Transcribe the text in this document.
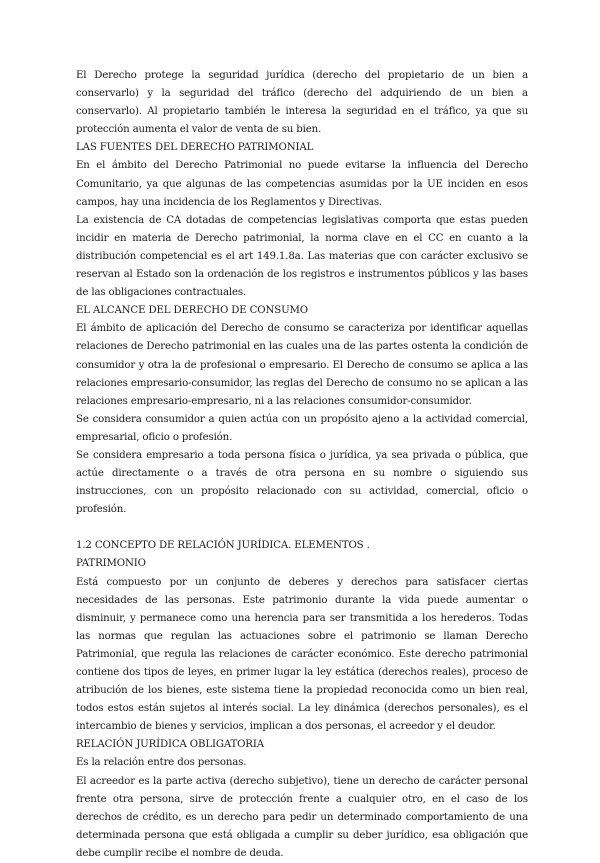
El Derecho protege la seguridad jurídica (derecho del propietario de un bien a conservarlo) y la seguridad del tráfico (derecho del adquiriendo de un bien a conservarlo). Al propietario también le interesa la seguridad en el tráfico, ya que su protección aumenta el valor de venta de su bien.

LAS FUENTES DEL DERECHO PATRIMONIAL

En el ámbito del Derecho Patrimonial no puede evitarse la influencia del Derecho Comunitario, ya que algunas de las competencias asumidas por la UE inciden en esos campos, hay una incidencia de los Reglamentos y Directivas.

La existencia de CA dotadas de competencias legislativas comporta que estas pueden incidir en materia de Derecho patrimonial, la norma clave en el CC en cuanto a la distribución competencial es el art 149.1.8a. Las materias que con carácter exclusivo se reservan al Estado son la ordenación de los registros e instrumentos públicos y las bases de las obligaciones contractuales.

EL ALCANCE DEL DERECHO DE CONSUMO

El ámbito de aplicación del Derecho de consumo se caracteriza por identificar aquellas relaciones de Derecho patrimonial en las cuales una de las partes ostenta la condición de consumidor y otra la de profesional o empresario. El Derecho de consumo se aplica a las relaciones empresario-consumidor, las reglas del Derecho de consumo no se aplican a las relaciones empresario-empresario, ni a las relaciones consumidor-consumidor.

Se considera consumidor a quien actúa con un propósito ajeno a la actividad comercial, empresarial, oficio o profesión.

Se considera empresario a toda persona física o jurídica, ya sea privada o pública, que actúe directamente o a través de otra persona en su nombre o siguiendo sus instrucciones, con un propósito relacionado con su actividad, comercial, oficio o profesión.

1.2 CONCEPTO DE RELACIÓN JURÍDICA. ELEMENTOS .

PATRIMONIO

Está compuesto por un conjunto de deberes y derechos para satisfacer ciertas necesidades de las personas. Este patrimonio durante la vida puede aumentar o disminuir, y permanece como una herencia para ser transmitida a los herederos. Todas las normas que regulan las actuaciones sobre el patrimonio se llaman Derecho Patrimonial, que regula las relaciones de carácter económico. Este derecho patrimonial contiene dos tipos de leyes, en primer lugar la ley estática (derechos reales), proceso de atribución de los bienes, este sistema tiene la propiedad reconocida como un bien real, todos estos están sujetos al interés social. La ley dinámica (derechos personales), es el intercambio de bienes y servicios, implican a dos personas, el acreedor y el deudor.

RELACIÓN JURÍDICA OBLIGATORIA

Es la relación entre dos personas.

El acreedor es la parte activa (derecho subjetivo), tiene un derecho de carácter personal frente otra persona, sirve de protección frente a cualquier otro, en el caso de los derechos de crédito, es un derecho para pedir un determinado comportamiento de una determinada persona que está obligada a cumplir su deber jurídico, esa obligación que debe cumplir recibe el nombre de deuda.
